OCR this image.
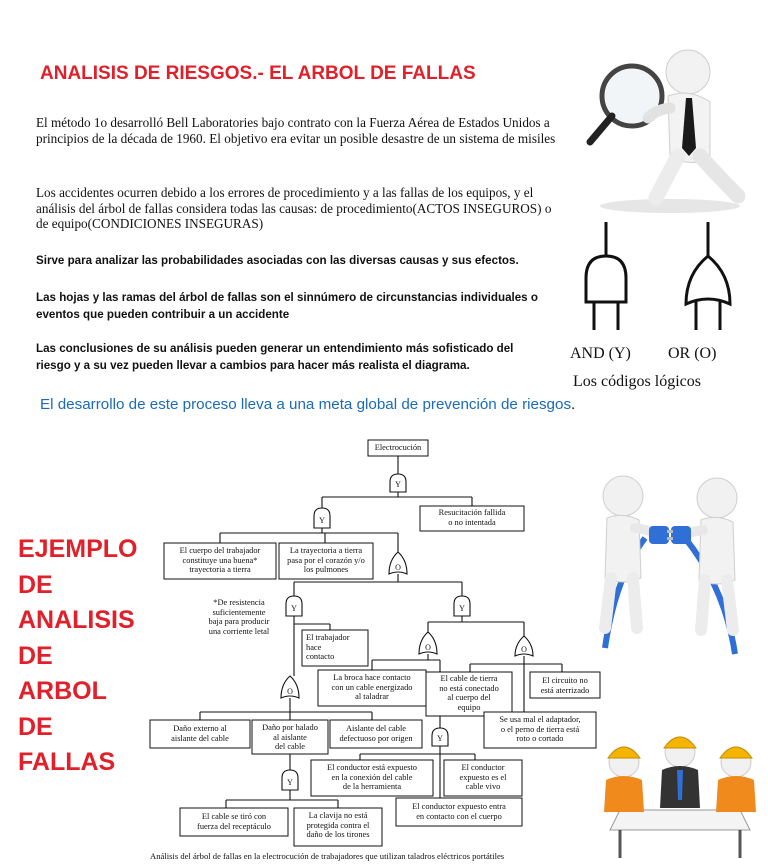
ANALISIS DE RIESGOS.- EL ARBOL DE FALLAS
El método 1o desarrolló Bell Laboratories bajo contrato con la Fuerza Aérea de Estados Unidos a principios de la década de 1960. El objetivo era evitar un posible desastre de un sistema de misiles
Los accidentes ocurren debido a los errores de procedimiento y a las fallas de los equipos, y el análisis del árbol de fallas considera todas las causas: de procedimiento(ACTOS INSEGUROS) o de equipo(CONDICIONES INSEGURAS)
Sirve para analizar las probabilidades asociadas con las diversas causas y sus efectos.
Las hojas y las ramas del árbol de fallas son el sinnúmero de circunstancias individuales o eventos que pueden contribuir a un accidente
Las conclusiones de su análisis pueden generar un entendimiento más sofisticado del riesgo y a su vez pueden llevar a cambios para hacer más realista el diagrama.
El desarrollo de este proceso lleva a una meta global de prevención de riesgos.
AND (Y) OR (O)
Los códigos lógicos
EJEMPLO
DE
ANALISIS
DE
ARBOL
DE
FALLAS
Y
Y
O
Y	Y
O	O
O
Y
Y
Electrocución
Resucitación fallida
o no intentada
El cuerpo del trabajador
constituye una buena*
trayectoria a tierra
La trayectoria a tierra
pasa por el corazón y/o
los pulmones
*De resistencia
suficientemente
baja para producir
una corriente letal
El trabajador
hace
contacto
La broca hace contacto
con un cable energizado
al taladrar
El cable de tierra
no está conectado
al cuerpo del
equipo
El circuito no
está aterrizado
Se usa mal el adaptador,
o el perno de tierra está
roto o cortado
Daño externo al
aislante del cable
Daño por halado
al aislante
del cable
Aislante del cable
defectuoso por origen
El conductor está expuesto
en la conexión del cable
de la herramienta
El conductor
expuesto es el
cable vivo
El cable se tiró con
fuerza del receptáculo
La clavija no está
protegida contra el
daño de los tirones
El conductor expuesto entra
en contacto con el cuerpo
Análisis del árbol de fallas en la electrocución de trabajadores que utilizan taladros eléctricos portátiles
